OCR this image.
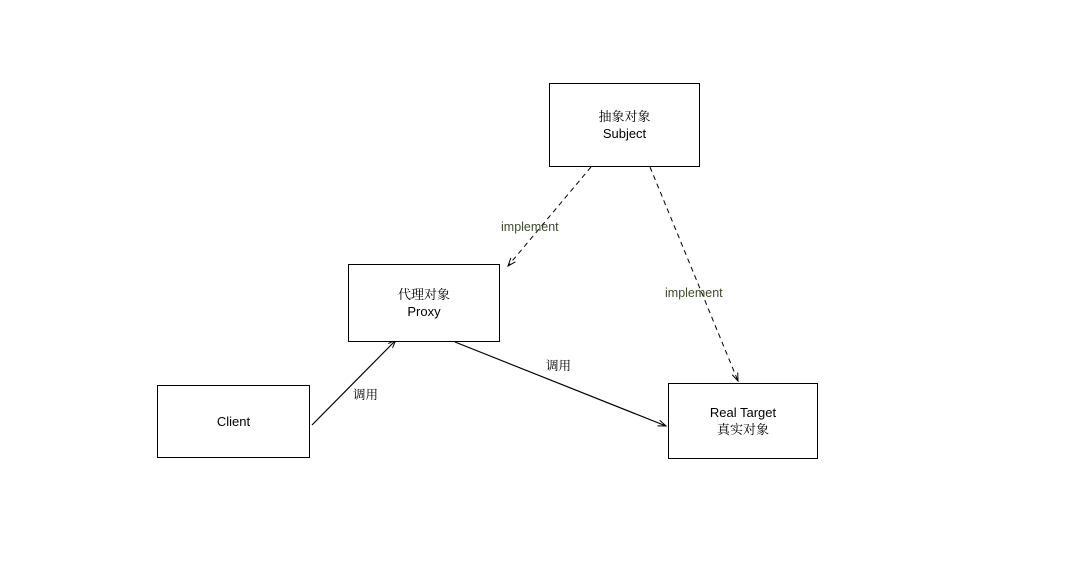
抽象对象
Subject
代理对象
Proxy
Client
Real Target
真实对象
implement
implement
调用
调用
